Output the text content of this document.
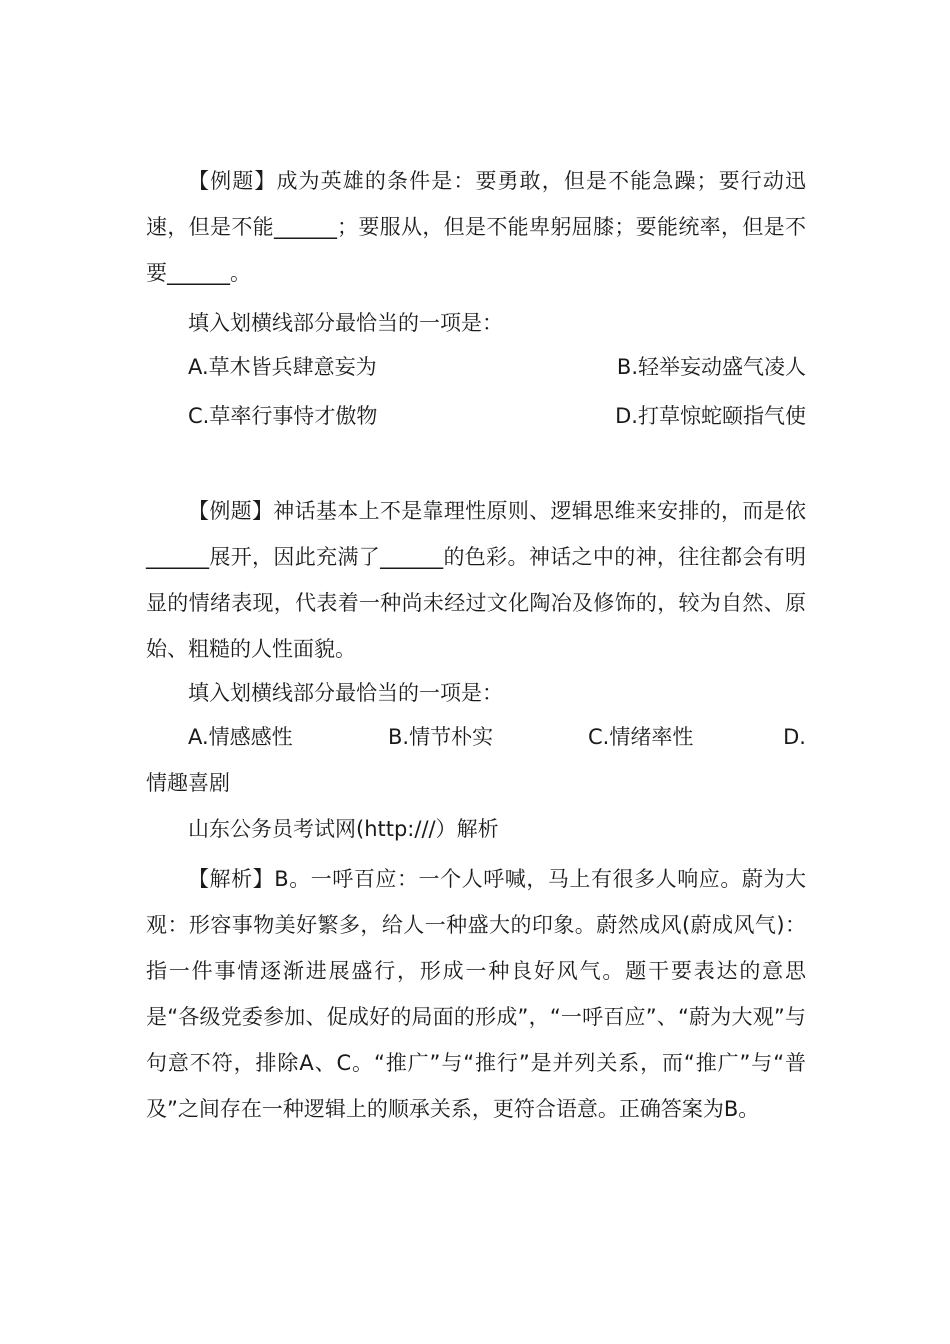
【例题】成为英雄的条件是：要勇敢，但是不能急躁；要行动迅速，但是不能______；要服从，但是不能卑躬屈膝；要能统率，但是不要______。

填入划横线部分最恰当的一项是：

A.草木皆兵肆意妄为	B.轻举妄动盛气凌人
C.草率行事恃才傲物	D.打草惊蛇颐指气使

【例题】神话基本上不是靠理性原则、逻辑思维来安排的，而是依______展开，因此充满了______的色彩。神话之中的神，往往都会有明显的情绪表现，代表着一种尚未经过文化陶冶及修饰的，较为自然、原始、粗糙的人性面貌。

填入划横线部分最恰当的一项是：

A.情感感性	B.情节朴实	C.情绪率性	D.
情趣喜剧

山东公务员考试网(http:///）解析

【解析】B。一呼百应：一个人呼喊，马上有很多人响应。蔚为大观：形容事物美好繁多，给人一种盛大的印象。蔚然成风(蔚成风气)：指一件事情逐渐进展盛行，形成一种良好风气。题干要表达的意思是“各级党委参加、促成好的局面的形成”，“一呼百应”、“蔚为大观”与句意不符，排除A、C。“推广”与“推行”是并列关系，而“推广”与“普及”之间存在一种逻辑上的顺承关系，更符合语意。正确答案为B。
